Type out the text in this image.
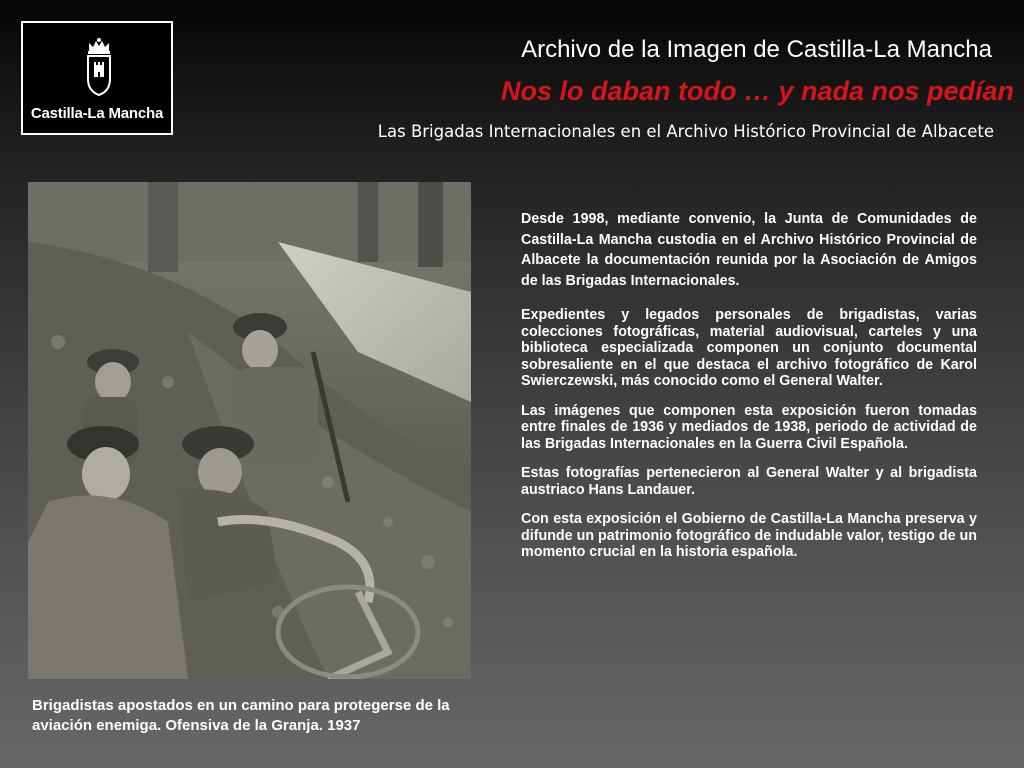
Castilla-La Mancha
Archivo de la Imagen de Castilla-La Mancha
Nos lo daban todo … y nada nos pedían
Las Brigadas Internacionales en el Archivo Histórico Provincial de Albacete
Brigadistas apostados en un camino para protegerse de la aviación enemiga. Ofensiva de la Granja. 1937

Desde 1998, mediante convenio, la Junta de Comunidades de Castilla-La Mancha custodia en el Archivo Histórico Provincial de Albacete la documentación reunida por la Asociación de Amigos de las Brigadas Internacionales.

Expedientes y legados personales de brigadistas, varias colecciones fotográficas, material audiovisual, carteles y una biblioteca especializada componen un conjunto documental sobresaliente en el que destaca el archivo fotográfico de Karol Swierczewski, más conocido como el General Walter.

Las imágenes que componen esta exposición fueron tomadas entre finales de 1936 y mediados de 1938, periodo de actividad de las Brigadas Internacionales en la Guerra Civil Española.

Estas fotografías pertenecieron al General Walter y al brigadista austriaco Hans Landauer.

Con esta exposición el Gobierno de Castilla-La Mancha preserva y difunde un patrimonio fotográfico de indudable valor, testigo de un momento crucial en la historia española.
